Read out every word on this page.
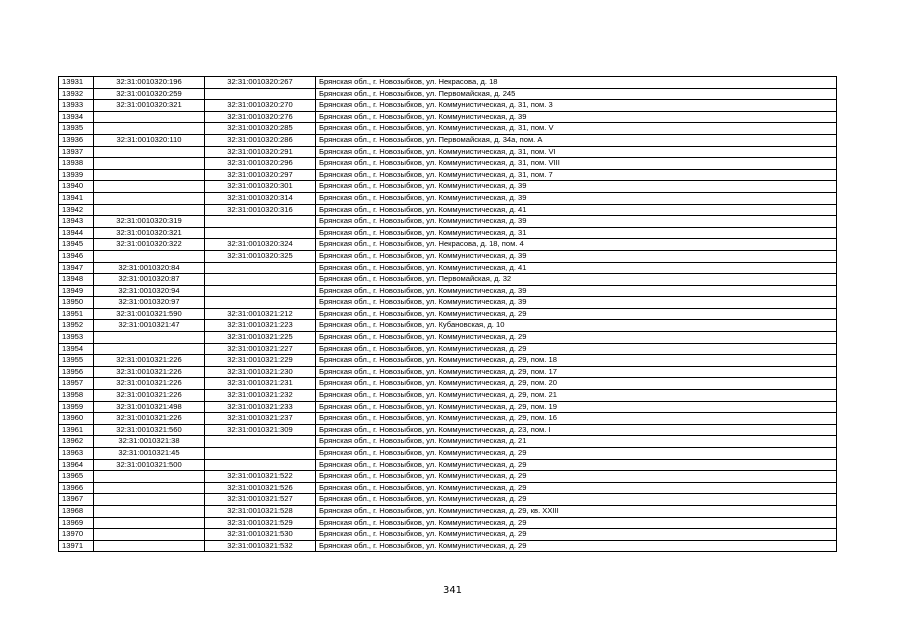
13931	32:31:0010320:196	32:31:0010320:267	Брянская обл., г. Новозыбков, ул. Некрасова, д. 18
13932	32:31:0010320:259		Брянская обл., г. Новозыбков, ул. Первомайская, д. 245
13933	32:31:0010320:321	32:31:0010320:270	Брянская обл., г. Новозыбков, ул. Коммунистическая, д. 31, пом. 3
13934		32:31:0010320:276	Брянская обл., г. Новозыбков, ул. Коммунистическая, д. 39
13935		32:31:0010320:285	Брянская обл., г. Новозыбков, ул. Коммунистическая, д. 31, пом. V
13936	32:31:0010320:110	32:31:0010320:286	Брянская обл., г. Новозыбков, ул. Первомайская, д. 34а, пом. А
13937		32:31:0010320:291	Брянская обл., г. Новозыбков, ул. Коммунистическая, д. 31, пом. VI
13938		32:31:0010320:296	Брянская обл., г. Новозыбков, ул. Коммунистическая, д. 31, пом. VIII
13939		32:31:0010320:297	Брянская обл., г. Новозыбков, ул. Коммунистическая, д. 31, пом. 7
13940		32:31:0010320:301	Брянская обл., г. Новозыбков, ул. Коммунистическая, д. 39
13941		32:31:0010320:314	Брянская обл., г. Новозыбков, ул. Коммунистическая, д. 39
13942		32:31:0010320:316	Брянская обл., г. Новозыбков, ул. Коммунистическая, д. 41
13943	32:31:0010320:319		Брянская обл., г. Новозыбков, ул. Коммунистическая, д. 39
13944	32:31:0010320:321		Брянская обл., г. Новозыбков, ул. Коммунистическая, д. 31
13945	32:31:0010320:322	32:31:0010320:324	Брянская обл., г. Новозыбков, ул. Некрасова, д. 18, пом. 4
13946		32:31:0010320:325	Брянская обл., г. Новозыбков, ул. Коммунистическая, д. 39
13947	32:31:0010320:84		Брянская обл., г. Новозыбков, ул. Коммунистическая, д. 41
13948	32:31:0010320:87		Брянская обл., г. Новозыбков, ул. Первомайская, д. 32
13949	32:31:0010320:94		Брянская обл., г. Новозыбков, ул. Коммунистическая, д. 39
13950	32:31:0010320:97		Брянская обл., г. Новозыбков, ул. Коммунистическая, д. 39
13951	32:31:0010321:590	32:31:0010321:212	Брянская обл., г. Новозыбков, ул. Коммунистическая, д. 29
13952	32:31:0010321:47	32:31:0010321:223	Брянская обл., г. Новозыбков, ул. Кубановская, д. 10
13953		32:31:0010321:225	Брянская обл., г. Новозыбков, ул. Коммунистическая, д. 29
13954		32:31:0010321:227	Брянская обл., г. Новозыбков, ул. Коммунистическая, д. 29
13955	32:31:0010321:226	32:31:0010321:229	Брянская обл., г. Новозыбков, ул. Коммунистическая, д. 29, пом. 18
13956	32:31:0010321:226	32:31:0010321:230	Брянская обл., г. Новозыбков, ул. Коммунистическая, д. 29, пом. 17
13957	32:31:0010321:226	32:31:0010321:231	Брянская обл., г. Новозыбков, ул. Коммунистическая, д. 29, пом. 20
13958	32:31:0010321:226	32:31:0010321:232	Брянская обл., г. Новозыбков, ул. Коммунистическая, д. 29, пом. 21
13959	32:31:0010321:498	32:31:0010321:233	Брянская обл., г. Новозыбков, ул. Коммунистическая, д. 29, пом. 19
13960	32:31:0010321:226	32:31:0010321:237	Брянская обл., г. Новозыбков, ул. Коммунистическая, д. 29, пом. 16
13961	32:31:0010321:560	32:31:0010321:309	Брянская обл., г. Новозыбков, ул. Коммунистическая, д. 23, пом. I
13962	32:31:0010321:38		Брянская обл., г. Новозыбков, ул. Коммунистическая, д. 21
13963	32:31:0010321:45		Брянская обл., г. Новозыбков, ул. Коммунистическая, д. 29
13964	32:31:0010321:500		Брянская обл., г. Новозыбков, ул. Коммунистическая, д. 29
13965		32:31:0010321:522	Брянская обл., г. Новозыбков, ул. Коммунистическая, д. 29
13966		32:31:0010321:526	Брянская обл., г. Новозыбков, ул. Коммунистическая, д. 29
13967		32:31:0010321:527	Брянская обл., г. Новозыбков, ул. Коммунистическая, д. 29
13968		32:31:0010321:528	Брянская обл., г. Новозыбков, ул. Коммунистическая, д. 29, кв. XXIII
13969		32:31:0010321:529	Брянская обл., г. Новозыбков, ул. Коммунистическая, д. 29
13970		32:31:0010321:530	Брянская обл., г. Новозыбков, ул. Коммунистическая, д. 29
13971		32:31:0010321:532	Брянская обл., г. Новозыбков, ул. Коммунистическая, д. 29
341
